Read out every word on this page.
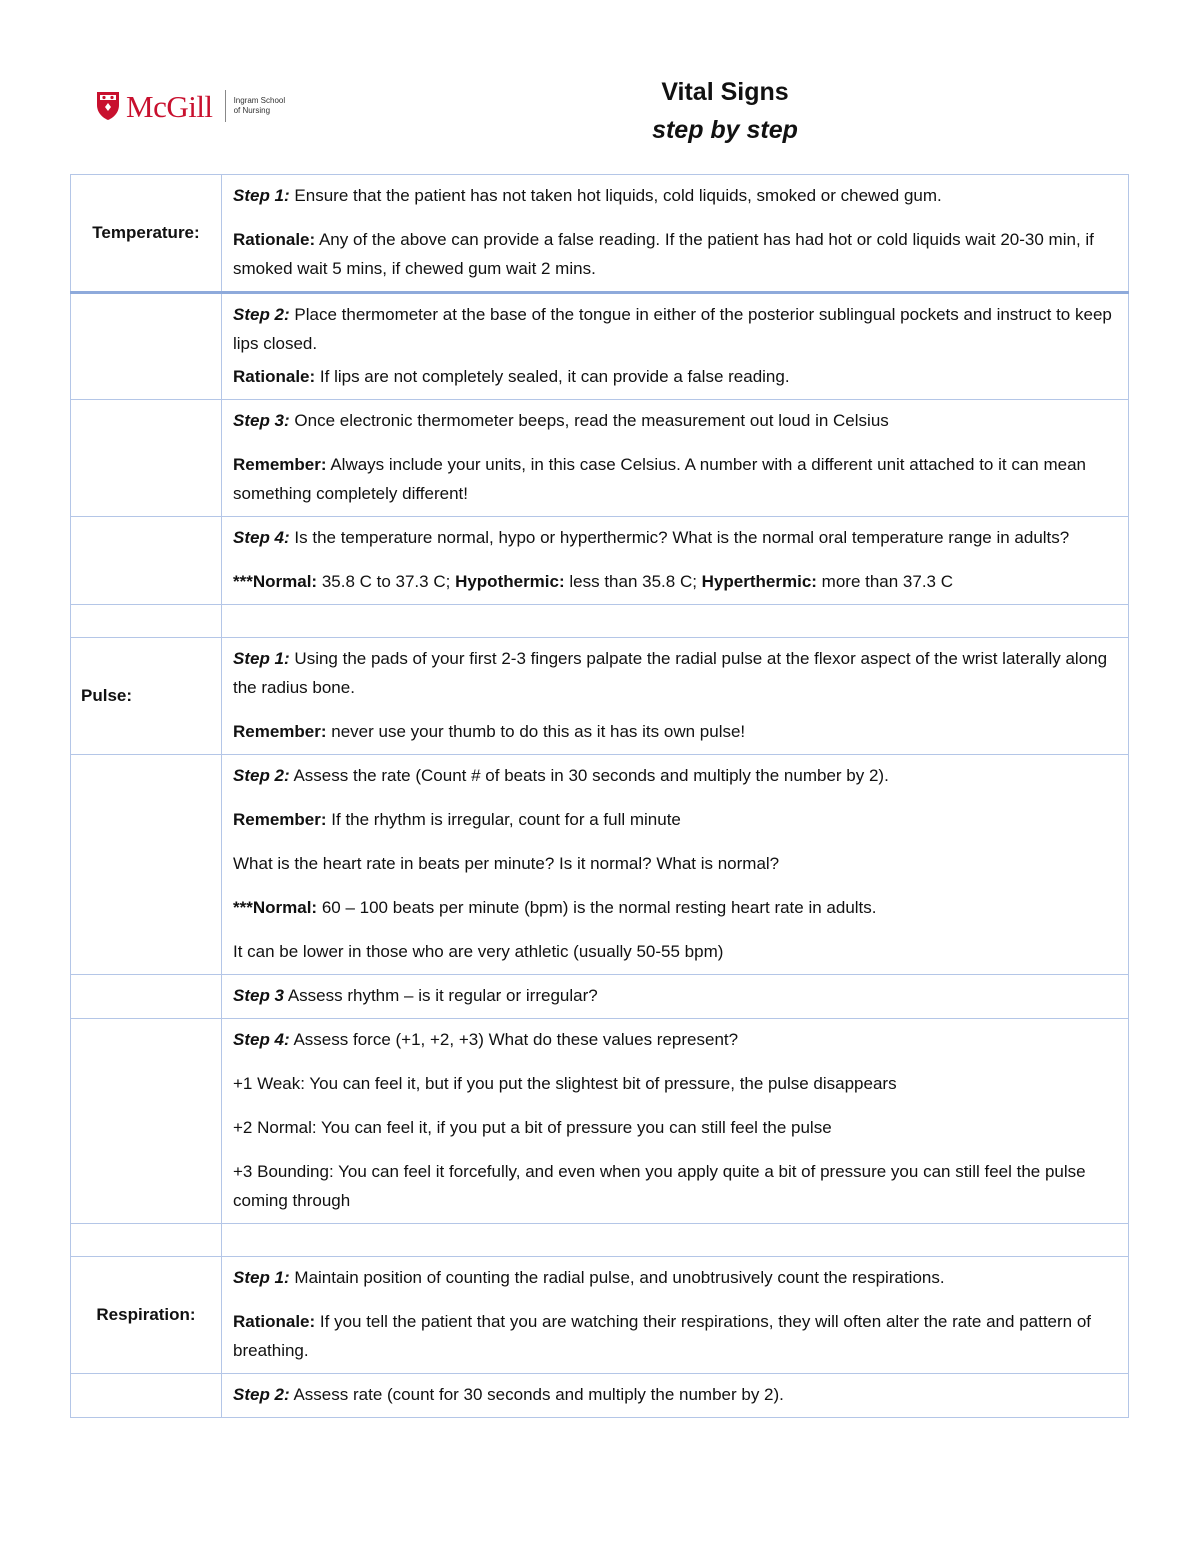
McGill	Ingram School
of Nursing
Vital Signs
step by step
Temperature:	Step 1: Ensure that the patient has not taken hot liquids, cold liquids, smoked or chewed gum.
Rationale: Any of the above can provide a false reading. If the patient has had hot or cold liquids wait 20-30 min, if smoked wait 5 mins, if chewed gum wait 2 mins.

	Step 2: Place thermometer at the base of the tongue in either of the posterior sublingual pockets and instruct to keep lips closed.
Rationale: If lips are not completely sealed, it can provide a false reading.

	Step 3: Once electronic thermometer beeps, read the measurement out loud in Celsius
Remember: Always include your units, in this case Celsius. A number with a different unit attached to it can mean something completely different!

	Step 4: Is the temperature normal, hypo or hyperthermic? What is the normal oral temperature range in adults?
***Normal: 35.8 C to 37.3 C; Hypothermic: less than 35.8 C; Hyperthermic: more than 37.3 C

Pulse:	Step 1: Using the pads of your first 2-3 fingers palpate the radial pulse at the flexor aspect of the wrist laterally along the radius bone.
Remember: never use your thumb to do this as it has its own pulse!

	Step 2: Assess the rate (Count # of beats in 30 seconds and multiply the number by 2).
Remember: If the rhythm is irregular, count for a full minute
What is the heart rate in beats per minute? Is it normal? What is normal?
***Normal: 60 – 100 beats per minute (bpm) is the normal resting heart rate in adults.
It can be lower in those who are very athletic (usually 50-55 bpm)

	Step 3 Assess rhythm – is it regular or irregular?

	Step 4: Assess force (+1, +2, +3) What do these values represent?
+1 Weak: You can feel it, but if you put the slightest bit of pressure, the pulse disappears
+2 Normal: You can feel it, if you put a bit of pressure you can still feel the pulse
+3 Bounding: You can feel it forcefully, and even when you apply quite a bit of pressure you can still feel the pulse coming through

Respiration:	Step 1: Maintain position of counting the radial pulse, and unobtrusively count the respirations.
Rationale: If you tell the patient that you are watching their respirations, they will often alter the rate and pattern of breathing.

	Step 2: Assess rate (count for 30 seconds and multiply the number by 2).
